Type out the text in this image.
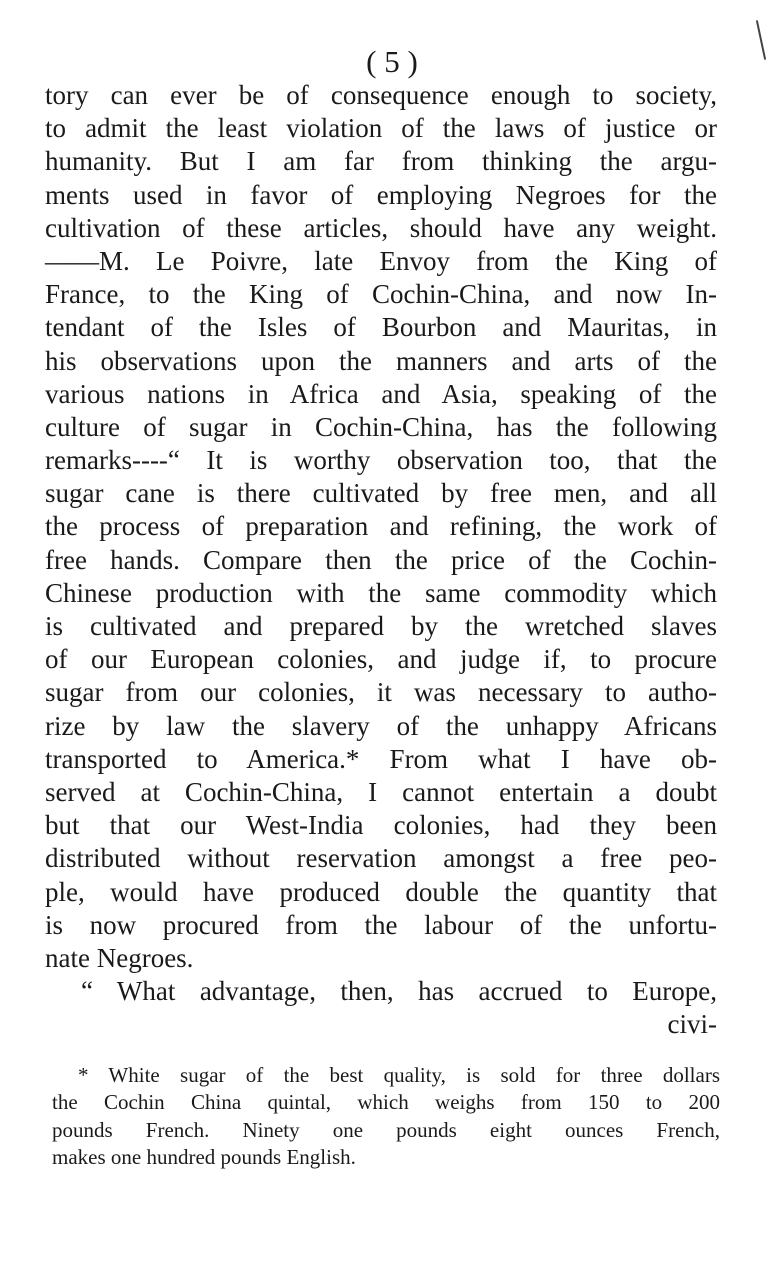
( 5 )
tory can ever be of consequence enough to society,
to admit the least violation of the laws of justice or
humanity. But I am far from thinking the argu-
ments used in favor of employing Negroes for the
cultivation of these articles, should have any weight.
——M. Le Poivre, late Envoy from the King of
France, to the King of Cochin-China, and now In-
tendant of the Isles of Bourbon and Mauritas, in
his observations upon the manners and arts of the
various nations in Africa and Asia, speaking of the
culture of sugar in Cochin-China, has the following
remarks----“ It is worthy observation too, that the
sugar cane is there cultivated by free men, and all
the process of preparation and refining, the work of
free hands. Compare then the price of the Cochin-
Chinese production with the same commodity which
is cultivated and prepared by the wretched slaves
of our European colonies, and judge if, to procure
sugar from our colonies, it was necessary to autho-
rize by law the slavery of the unhappy Africans
transported to America.* From what I have ob-
served at Cochin-China, I cannot entertain a doubt
but that our West-India colonies, had they been
distributed without reservation amongst a free peo-
ple, would have produced double the quantity that
is now procured from the labour of the unfortu-
nate Negroes.
“ What advantage, then, has accrued to Europe,
civi-
* White sugar of the best quality, is sold for three dollars
the Cochin China quintal, which weighs from 150 to 200
pounds French. Ninety one pounds eight ounces French,
makes one hundred pounds English.
